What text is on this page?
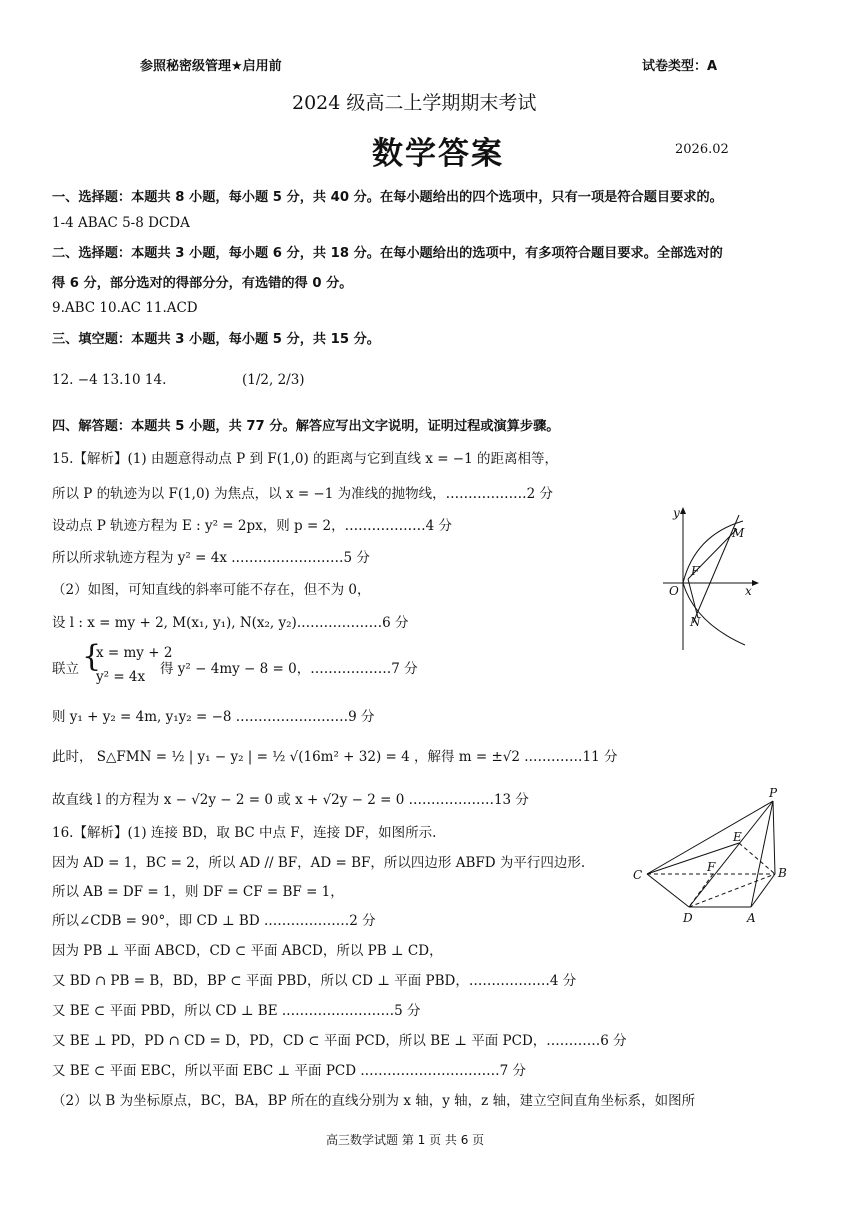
参照秘密级管理★启用前	试卷类型：A
2024 级高二上学期期末考试
数学答案	2026.02
一、选择题：本题共 8 小题，每小题 5 分，共 40 分。在每小题给出的四个选项中，只有一项是符合题目要求的。
1-4 ABAC 5-8 DCDA
二、选择题：本题共 3 小题，每小题 6 分，共 18 分。在每小题给出的选项中，有多项符合题目要求。全部选对的
得 6 分，部分选对的得部分分，有选错的得 0 分。
9.ABC 10.AC 11.ACD
三、填空题：本题共 3 小题，每小题 5 分，共 15 分。
12. −4 13.10 14.	(1/2, 2/3)
四、解答题：本题共 5 小题，共 77 分。解答应写出文字说明，证明过程或演算步骤。
15.【解析】(1) 由题意得动点 P 到 F(1,0) 的距离与它到直线 x = −1 的距离相等，
所以 P 的轨迹为以 F(1,0) 为焦点，以 x = −1 为准线的抛物线，………………2 分
设动点 P 轨迹方程为 E : y² = 2px，则 p = 2，………………4 分
所以所求轨迹方程为 y² = 4x .……………………5 分
（2）如图，可知直线的斜率可能不存在，但不为 0，
设 l : x = my + 2, M(x₁, y₁), N(x₂, y₂).………………6 分
联立 {
x = my + 2
y² = 4x 得 y² − 4my − 8 = 0，………………7 分
则 y₁ + y₂ = 4m, y₁y₂ = −8 .……………………9 分
此时， S△FMN = ½ | y₁ − y₂ | = ½ √(16m² + 32) = 4 ，解得 m = ±√2 .…………11 分
故直线 l 的方程为 x − √2y − 2 = 0 或 x + √2y − 2 = 0 .………………13 分
16.【解析】(1) 连接 BD，取 BC 中点 F，连接 DF，如图所示.
因为 AD = 1，BC = 2，所以 AD // BF，AD = BF，所以四边形 ABFD 为平行四边形.
所以 AB = DF = 1，则 DF = CF = BF = 1，
所以∠CDB = 90°，即 CD ⊥ BD .………………2 分
因为 PB ⊥ 平面 ABCD，CD ⊂ 平面 ABCD，所以 PB ⊥ CD，
又 BD ∩ PB = B，BD，BP ⊂ 平面 PBD，所以 CD ⊥ 平面 PBD，………………4 分
又 BE ⊂ 平面 PBD，所以 CD ⊥ BE .……………………5 分
又 BE ⊥ PD，PD ∩ CD = D，PD，CD ⊂ 平面 PCD，所以 BE ⊥ 平面 PCD，…………6 分
又 BE ⊂ 平面 EBC，所以平面 EBC ⊥ 平面 PCD .…………………………7 分
（2）以 B 为坐标原点，BC，BA，BP 所在的直线分别为 x 轴，y 轴，z 轴，建立空间直角坐标系，如图所
y
M
F
O	x
N
P
E
F
C	B
D	A
高三数学试题 第 1 页 共 6 页
